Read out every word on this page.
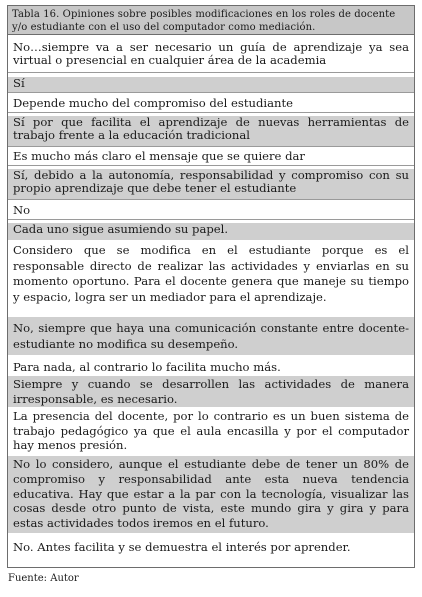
Tabla 16. Opiniones sobre posibles modificaciones en los roles de docente y/o estudiante con el uso del computador como mediación.
No…siempre va a ser necesario un guía de aprendizaje ya sea virtual o presencial en cualquier área de la academia
Sí
Depende mucho del compromiso del estudiante
Sí por que facilita el aprendizaje de nuevas herramientas de trabajo frente a la educación tradicional
Es mucho más claro el mensaje que se quiere dar
Sí, debido a la autonomía, responsabilidad y compromiso con su propio aprendizaje que debe tener el estudiante
No
Cada uno sigue asumiendo su papel.
Considero que se modifica en el estudiante porque es el responsable directo de realizar las actividades y enviarlas en su momento oportuno. Para el docente genera que maneje su tiempo y espacio, logra ser un mediador para el aprendizaje.
No, siempre que haya una comunicación constante entre docente-estudiante no modifica su desempeño.
Para nada, al contrario lo facilita mucho más.
Siempre y cuando se desarrollen las actividades de manera irresponsable, es necesario.
La presencia del docente, por lo contrario es un buen sistema de trabajo pedagógico ya que el aula encasilla y por el computador hay menos presión.
No lo considero, aunque el estudiante debe de tener un 80% de compromiso y responsabilidad ante esta nueva tendencia educativa. Hay que estar a la par con la tecnología, visualizar las cosas desde otro punto de vista, este mundo gira y gira y para estas actividades todos iremos en el futuro.
No. Antes facilita y se demuestra el interés por aprender.
Fuente: Autor
